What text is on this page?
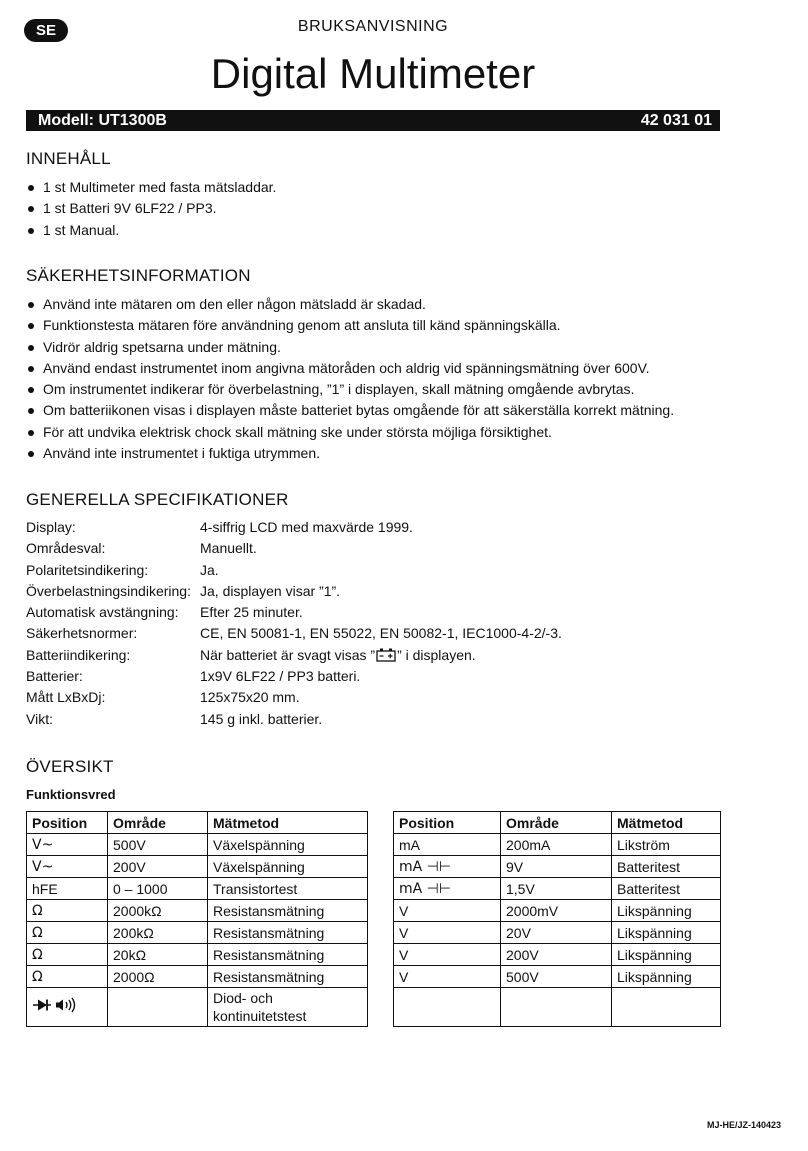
SE	BRUKSANVISNING
Digital Multimeter
Modell: UT1300B	42 031 01
INNEHÅLL
1 st Multimeter med fasta mätsladdar.
1 st Batteri 9V 6LF22 / PP3.
1 st Manual.
SÄKERHETSINFORMATION
Använd inte mätaren om den eller någon mätsladd är skadad.
Funktionstesta mätaren före användning genom att ansluta till känd spänningskälla.
Vidrör aldrig spetsarna under mätning.
Använd endast instrumentet inom angivna mätoråden och aldrig vid spänningsmätning över 600V.
Om instrumentet indikerar för överbelastning, ”1” i displayen, skall mätning omgående avbrytas.
Om batteriikonen visas i displayen måste batteriet bytas omgående för att säkerställa korrekt mätning.
För att undvika elektrisk chock skall mätning ske under största möjliga försiktighet.
Använd inte instrumentet i fuktiga utrymmen.
GENERELLA SPECIFIKATIONER
Display:	4-siffrig LCD med maxvärde 1999.
Områdesval:	Manuellt.
Polaritetsindikering:	Ja.
Överbelastningsindikering: Ja, displayen visar ”1”.
Automatisk avstängning: Efter 25 minuter.
Säkerhetsnormer:	CE, EN 50081-1, EN 55022, EN 50082-1, IEC1000-4-2/-3.
Batteriindikering:	När batteriet är svagt visas ” ” i displayen.
Batterier:	1x9V 6LF22 / PP3 batteri.
Mått LxBxDj:	125x75x20 mm.
Vikt:	145 g inkl. batterier.
ÖVERSIKT
Funktionsvred
Position	Område	Mätmetod
V~	500V	Växelspänning
V~	200V	Växelspänning
hFE	0 – 1000	Transistortest
Ω	2000kΩ	Resistansmätning
Ω	200kΩ	Resistansmätning
Ω	20kΩ	Resistansmätning
Ω	2000Ω	Resistansmätning
		Diod- och
kontinuitetstest
Position	Område	Mätmetod
mA	200mA	Likström
mA ⊣⊢	9V	Batteritest
mA ⊣⊢	1,5V	Batteritest
V	2000mV	Likspänning
V	20V	Likspänning
V	200V	Likspänning
V	500V	Likspänning

MJ-HE/JZ-140423
